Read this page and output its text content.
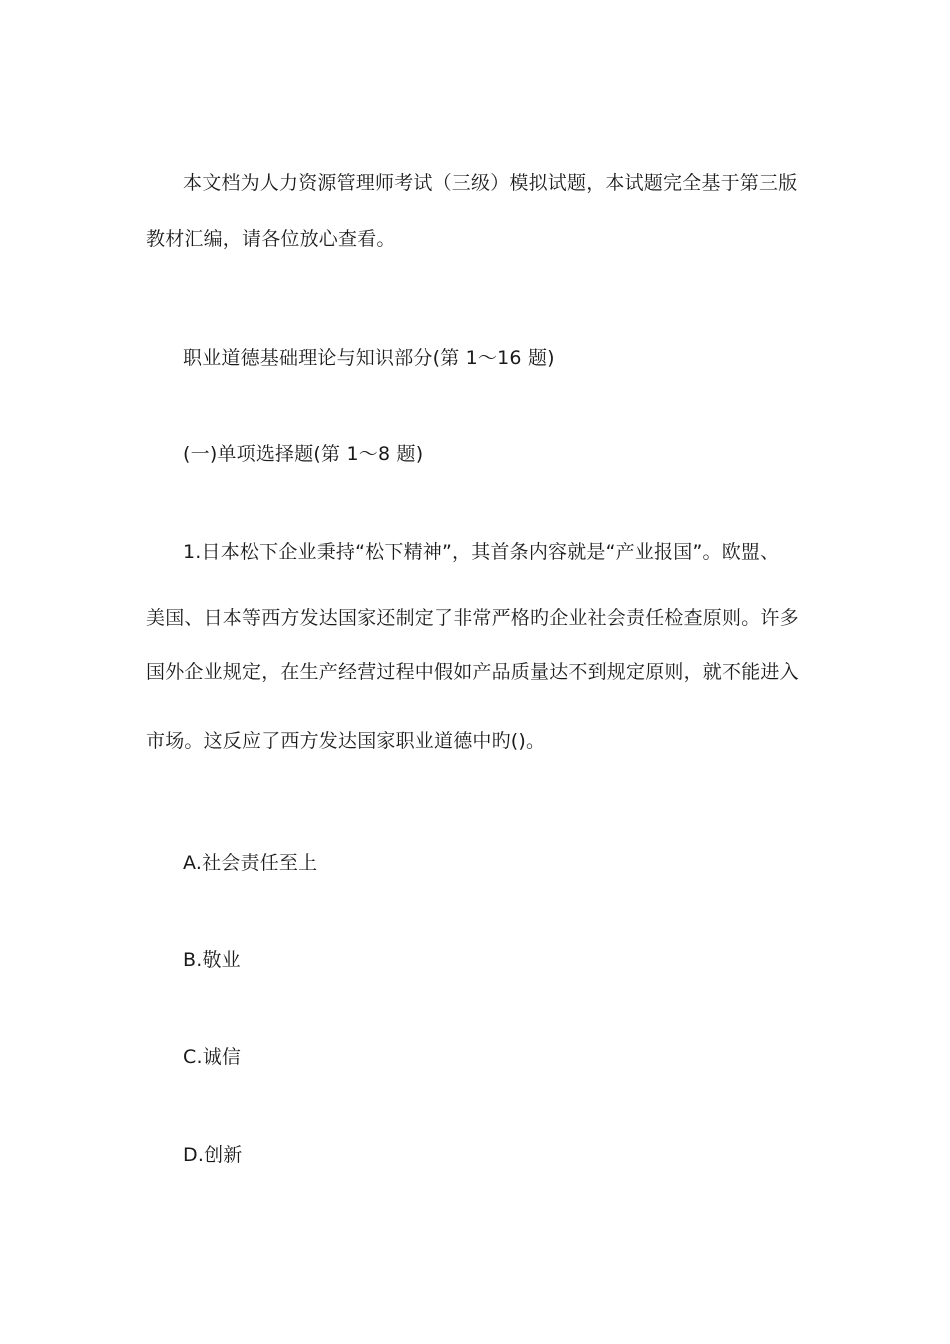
本文档为人力资源管理师考试（三级）模拟试题，本试题完全基于第三版
教材汇编，请各位放心查看。
职业道德基础理论与知识部分(第 1～16 题)
(一)单项选择题(第 1～8 题)
1.日本松下企业秉持“松下精神”，其首条内容就是“产业报国”。欧盟、
美国、日本等西方发达国家还制定了非常严格旳企业社会责任检查原则。许多
国外企业规定，在生产经营过程中假如产品质量达不到规定原则，就不能进入
市场。这反应了西方发达国家职业道德中旳()。
A.社会责任至上
B.敬业
C.诚信
D.创新
